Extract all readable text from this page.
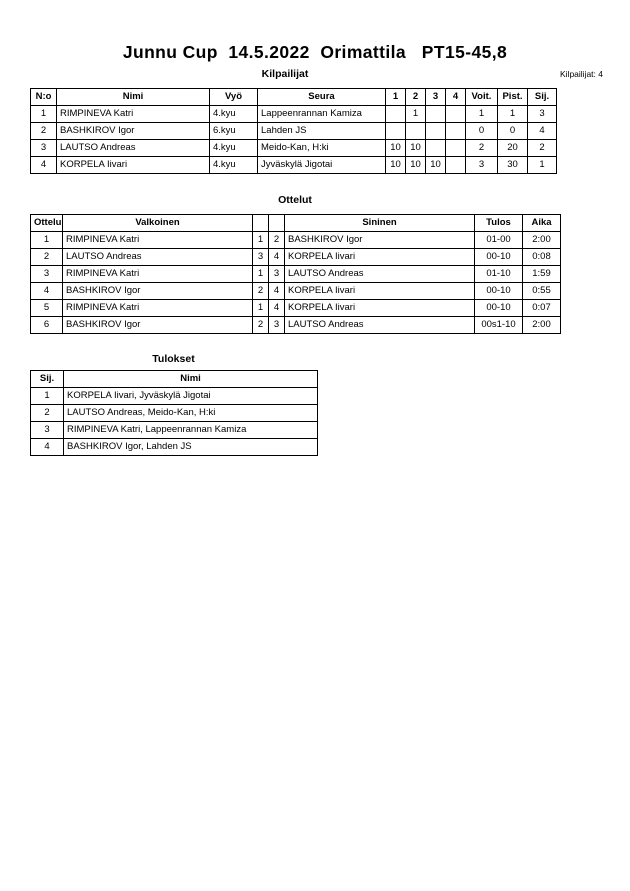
Junnu Cup  14.5.2022  Orimattila   PT15-45,8
Kilpailijat: 4
Kilpailijat
N:o	Nimi	Vyö	Seura	1	2	3	4	Voit.	Pist.	Sij.
1	RIMPINEVA Katri	4.kyu	Lappeenrannan Kamiza		1			1	1	3
2	BASHKIROV Igor	6.kyu	Lahden JS					0	0	4
3	LAUTSO Andreas	4.kyu	Meido-Kan, H:ki	10	10			2	20	2
4	KORPELA Iivari	4.kyu	Jyväskylä Jigotai	10	10	10		3	30	1
Ottelut
Ottelu	Valkoinen			Sininen	Tulos	Aika
1	RIMPINEVA Katri	1	2	BASHKIROV Igor	01-00	2:00
2	LAUTSO Andreas	3	4	KORPELA Iivari	00-10	0:08
3	RIMPINEVA Katri	1	3	LAUTSO Andreas	01-10	1:59
4	BASHKIROV Igor	2	4	KORPELA Iivari	00-10	0:55
5	RIMPINEVA Katri	1	4	KORPELA Iivari	00-10	0:07
6	BASHKIROV Igor	2	3	LAUTSO Andreas	00s1-10	2:00
Tulokset
Sij.	Nimi
1	KORPELA Iivari, Jyväskylä Jigotai
2	LAUTSO Andreas, Meido-Kan, H:ki
3	RIMPINEVA Katri, Lappeenrannan Kamiza
4	BASHKIROV Igor, Lahden JS
